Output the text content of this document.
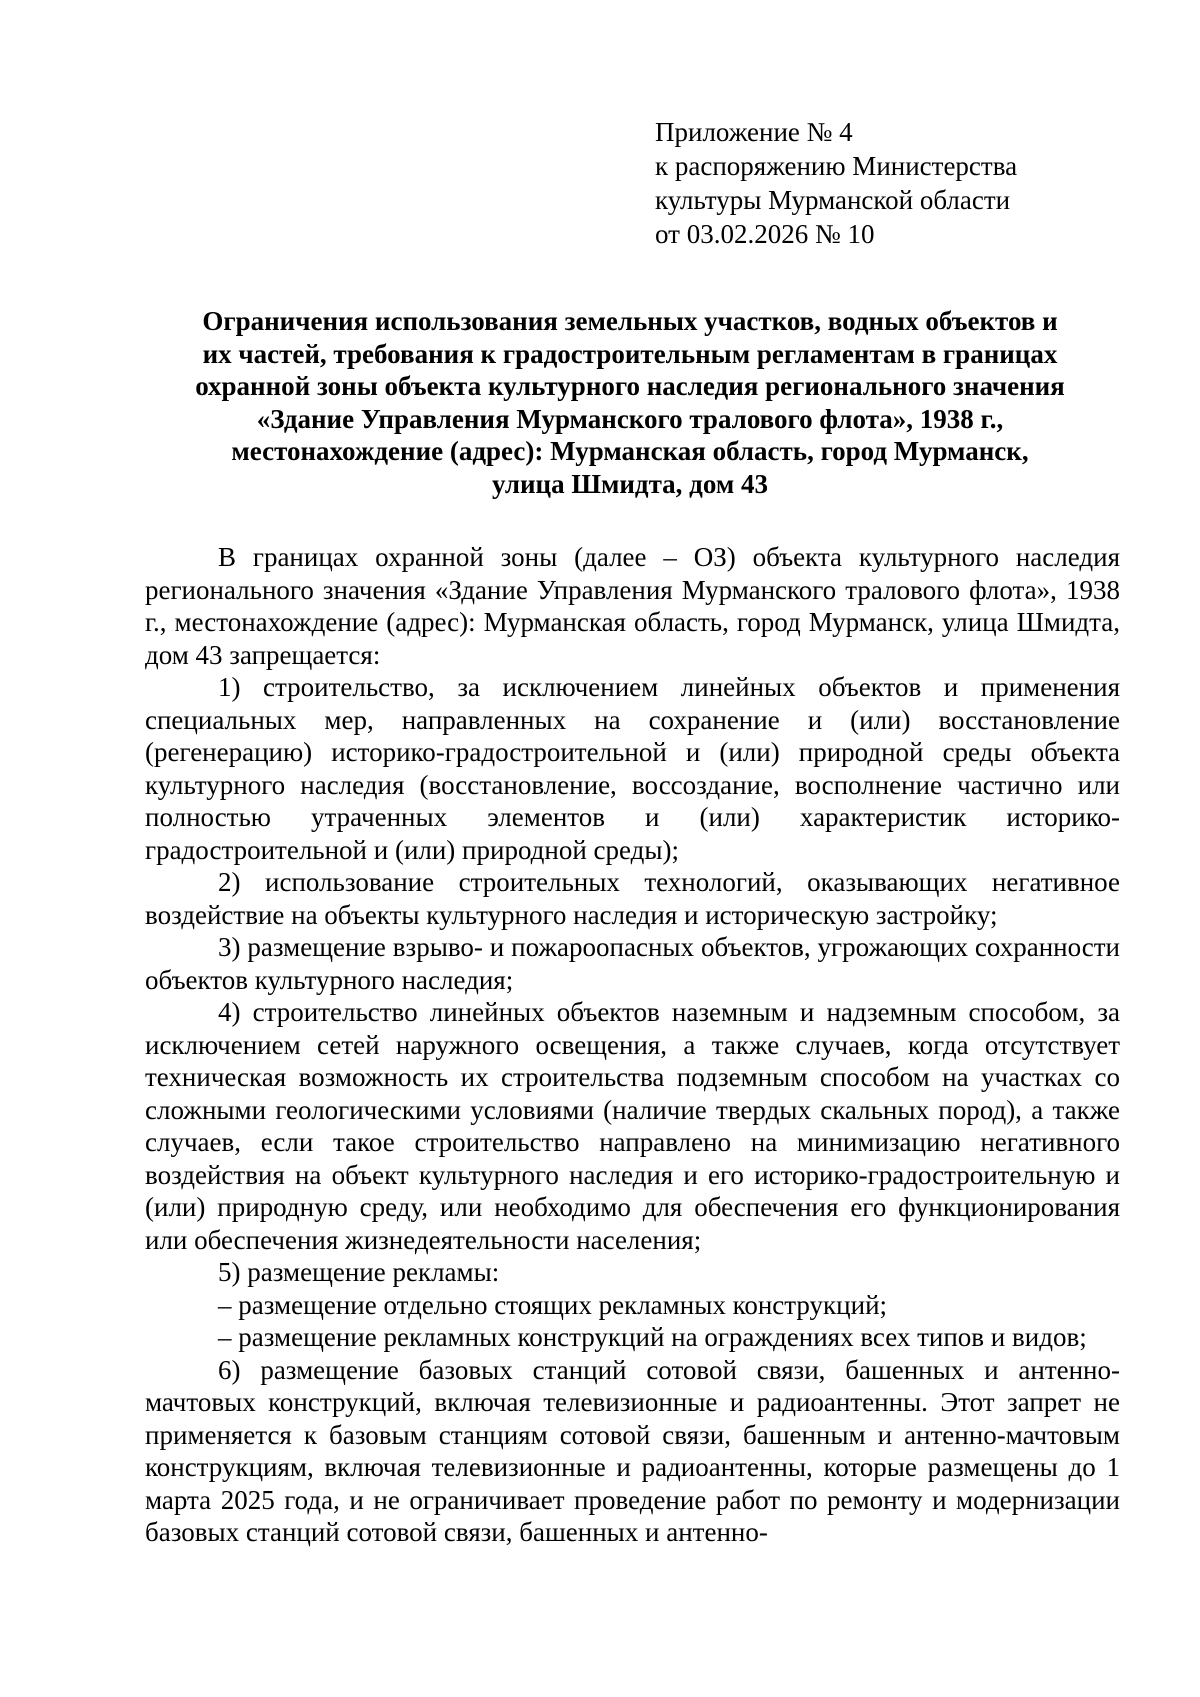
Приложение № 4
к распоряжению Министерства
культуры Мурманской области
от 03.02.2026 № 10
Ограничения использования земельных участков, водных объектов и
их частей, требования к градостроительным регламентам в границах
охранной зоны объекта культурного наследия регионального значения
«Здание Управления Мурманского тралового флота», 1938 г.,
местонахождение (адрес): Мурманская область, город Мурманск,
улица Шмидта, дом 43

В границах охранной зоны (далее – ОЗ) объекта культурного наследия регионального значения «Здание Управления Мурманского тралового флота», 1938 г., местонахождение (адрес): Мурманская область, город Мурманск, улица Шмидта, дом 43 запрещается:

1) строительство, за исключением линейных объектов и применения специальных мер, направленных на сохранение и (или) восстановление (регенерацию) историко-градостроительной и (или) природной среды объекта культурного наследия (восстановление, воссоздание, восполнение частично или полностью утраченных элементов и (или) характеристик историко-градостроительной и (или) природной среды);

2) использование строительных технологий, оказывающих негативное воздействие на объекты культурного наследия и историческую застройку;

3) размещение взрыво- и пожароопасных объектов, угрожающих сохранности объектов культурного наследия;

4) строительство линейных объектов наземным и надземным способом, за исключением сетей наружного освещения, а также случаев, когда отсутствует техническая возможность их строительства подземным способом на участках со сложными геологическими условиями (наличие твердых скальных пород), а также случаев, если такое строительство направлено на минимизацию негативного воздействия на объект культурного наследия и его историко-градостроительную и (или) природную среду, или необходимо для обеспечения его функционирования или обеспечения жизнедеятельности населения;

5) размещение рекламы:

– размещение отдельно стоящих рекламных конструкций;

– размещение рекламных конструкций на ограждениях всех типов и видов;

6) размещение базовых станций сотовой связи, башенных и антенно-мачтовых конструкций, включая телевизионные и радиоантенны. Этот запрет не применяется к базовым станциям сотовой связи, башенным и антенно-мачтовым конструкциям, включая телевизионные и радиоантенны, которые размещены до 1 марта 2025 года, и не ограничивает проведение работ по ремонту и модернизации базовых станций сотовой связи, башенных и антенно-
